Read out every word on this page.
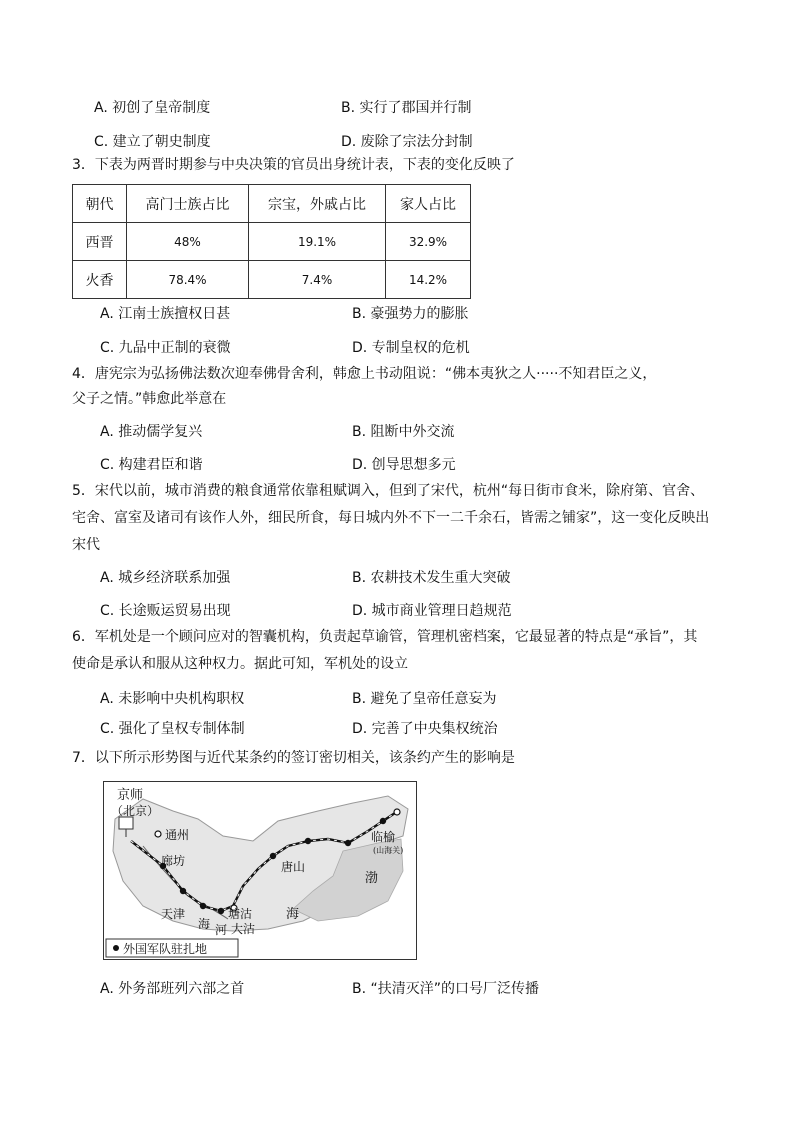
A. 初创了皇帝制度	B. 实行了郡国并行制
C. 建立了朝史制度	D. 废除了宗法分封制
3．下表为两晋时期参与中央决策的官员出身统计表，下表的变化反映了
朝代	高门士族占比	宗宝，外戚占比	家人占比
西晋	48%	19.1%	32.9%
火香	78.4%	7.4%	14.2%
A. 江南士族擅权日甚	B. 豪强势力的膨胀
C. 九品中正制的衰微	D. 专制皇权的危机
4．唐宪宗为弘扬佛法数次迎奉佛骨舍利，韩愈上书动阻说：“佛本夷狄之人·····不知君臣之义，
父子之情。”韩愈此举意在
A. 推动儒学复兴	B. 阻断中外交流
C. 构建君臣和谐	D. 创导思想多元
5．宋代以前，城市消费的粮食通常依靠租赋调入，但到了宋代，杭州“每日街市食米，除府第、官舍、
宅舍、富室及诸司有该作人外，细民所食，每日城内外不下一二千余石，皆需之铺家”，这一变化反映出
宋代
A. 城乡经济联系加强	B. 农耕技术发生重大突破
C. 长途贩运贸易出现	D. 城市商业管理日趋规范
6．军机处是一个顾问应对的智囊机构，负责起草谕管，管理机密档案，它最显著的特点是“承旨”，其
使命是承认和服从这种权力。据此可知，军机处的设立
A. 未影响中央机构职权	B. 避免了皇帝任意妄为
C. 强化了皇权专制体制	D. 完善了中央集权统治
7．以下所示形势图与近代某条约的签订密切相关，该条约产生的影响是
京师
（北京）
通州
廊坊
天津
海 河
塘沽
大沽
唐山
临榆
(山海关)
渤
海
外国军队驻扎地
A. 外务部班列六部之首	B. “扶清灭洋”的口号厂泛传播
